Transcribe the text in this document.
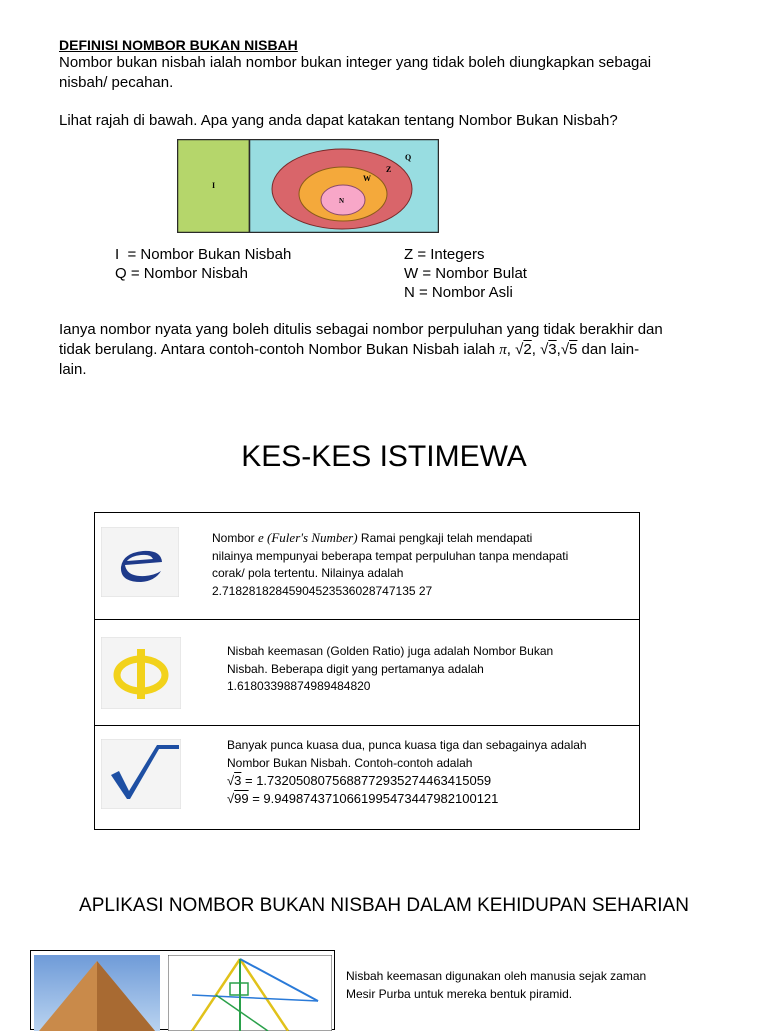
DEFINISI NOMBOR BUKAN NISBAH
Nombor bukan nisbah ialah nombor bukan integer yang tidak boleh diungkapkan sebagai
nisbah/ pecahan.
Lihat rajah di bawah. Apa yang anda dapat katakan tentang Nombor Bukan Nisbah?
I
Q
Z
W
N
I  = Nombor Bukan Nisbah
Q = Nombor Nisbah
Z = Integers
W = Nombor Bulat
N = Nombor Asli
Ianya nombor nyata yang boleh ditulis sebagai nombor perpuluhan yang tidak berakhir dan
tidak berulang. Antara contoh-contoh Nombor Bukan Nisbah ialah π, √2, √3,√5 dan lain-
lain.
KES-KES ISTIMEWA
Nombor e (Fuler's Number) Ramai pengkaji telah mendapati
nilainya mempunyai beberapa tempat perpuluhan tanpa mendapati
corak/ pola tertentu. Nilainya adalah
2.71828182845904523536028747135 27
Nisbah keemasan (Golden Ratio) juga adalah Nombor Bukan
Nisbah. Beberapa digit yang pertamanya adalah
1.61803398874989484820
Banyak punca kuasa dua, punca kuasa tiga dan sebagainya adalah
Nombor Bukan Nisbah. Contoh-contoh adalah
√3 = 1.7320508075688772935274463415059
√99 = 9.9498743710661995473447982100121
APLIKASI NOMBOR BUKAN NISBAH DALAM KEHIDUPAN SEHARIAN
Nisbah keemasan digunakan oleh manusia sejak zaman
Mesir Purba untuk mereka bentuk piramid.
